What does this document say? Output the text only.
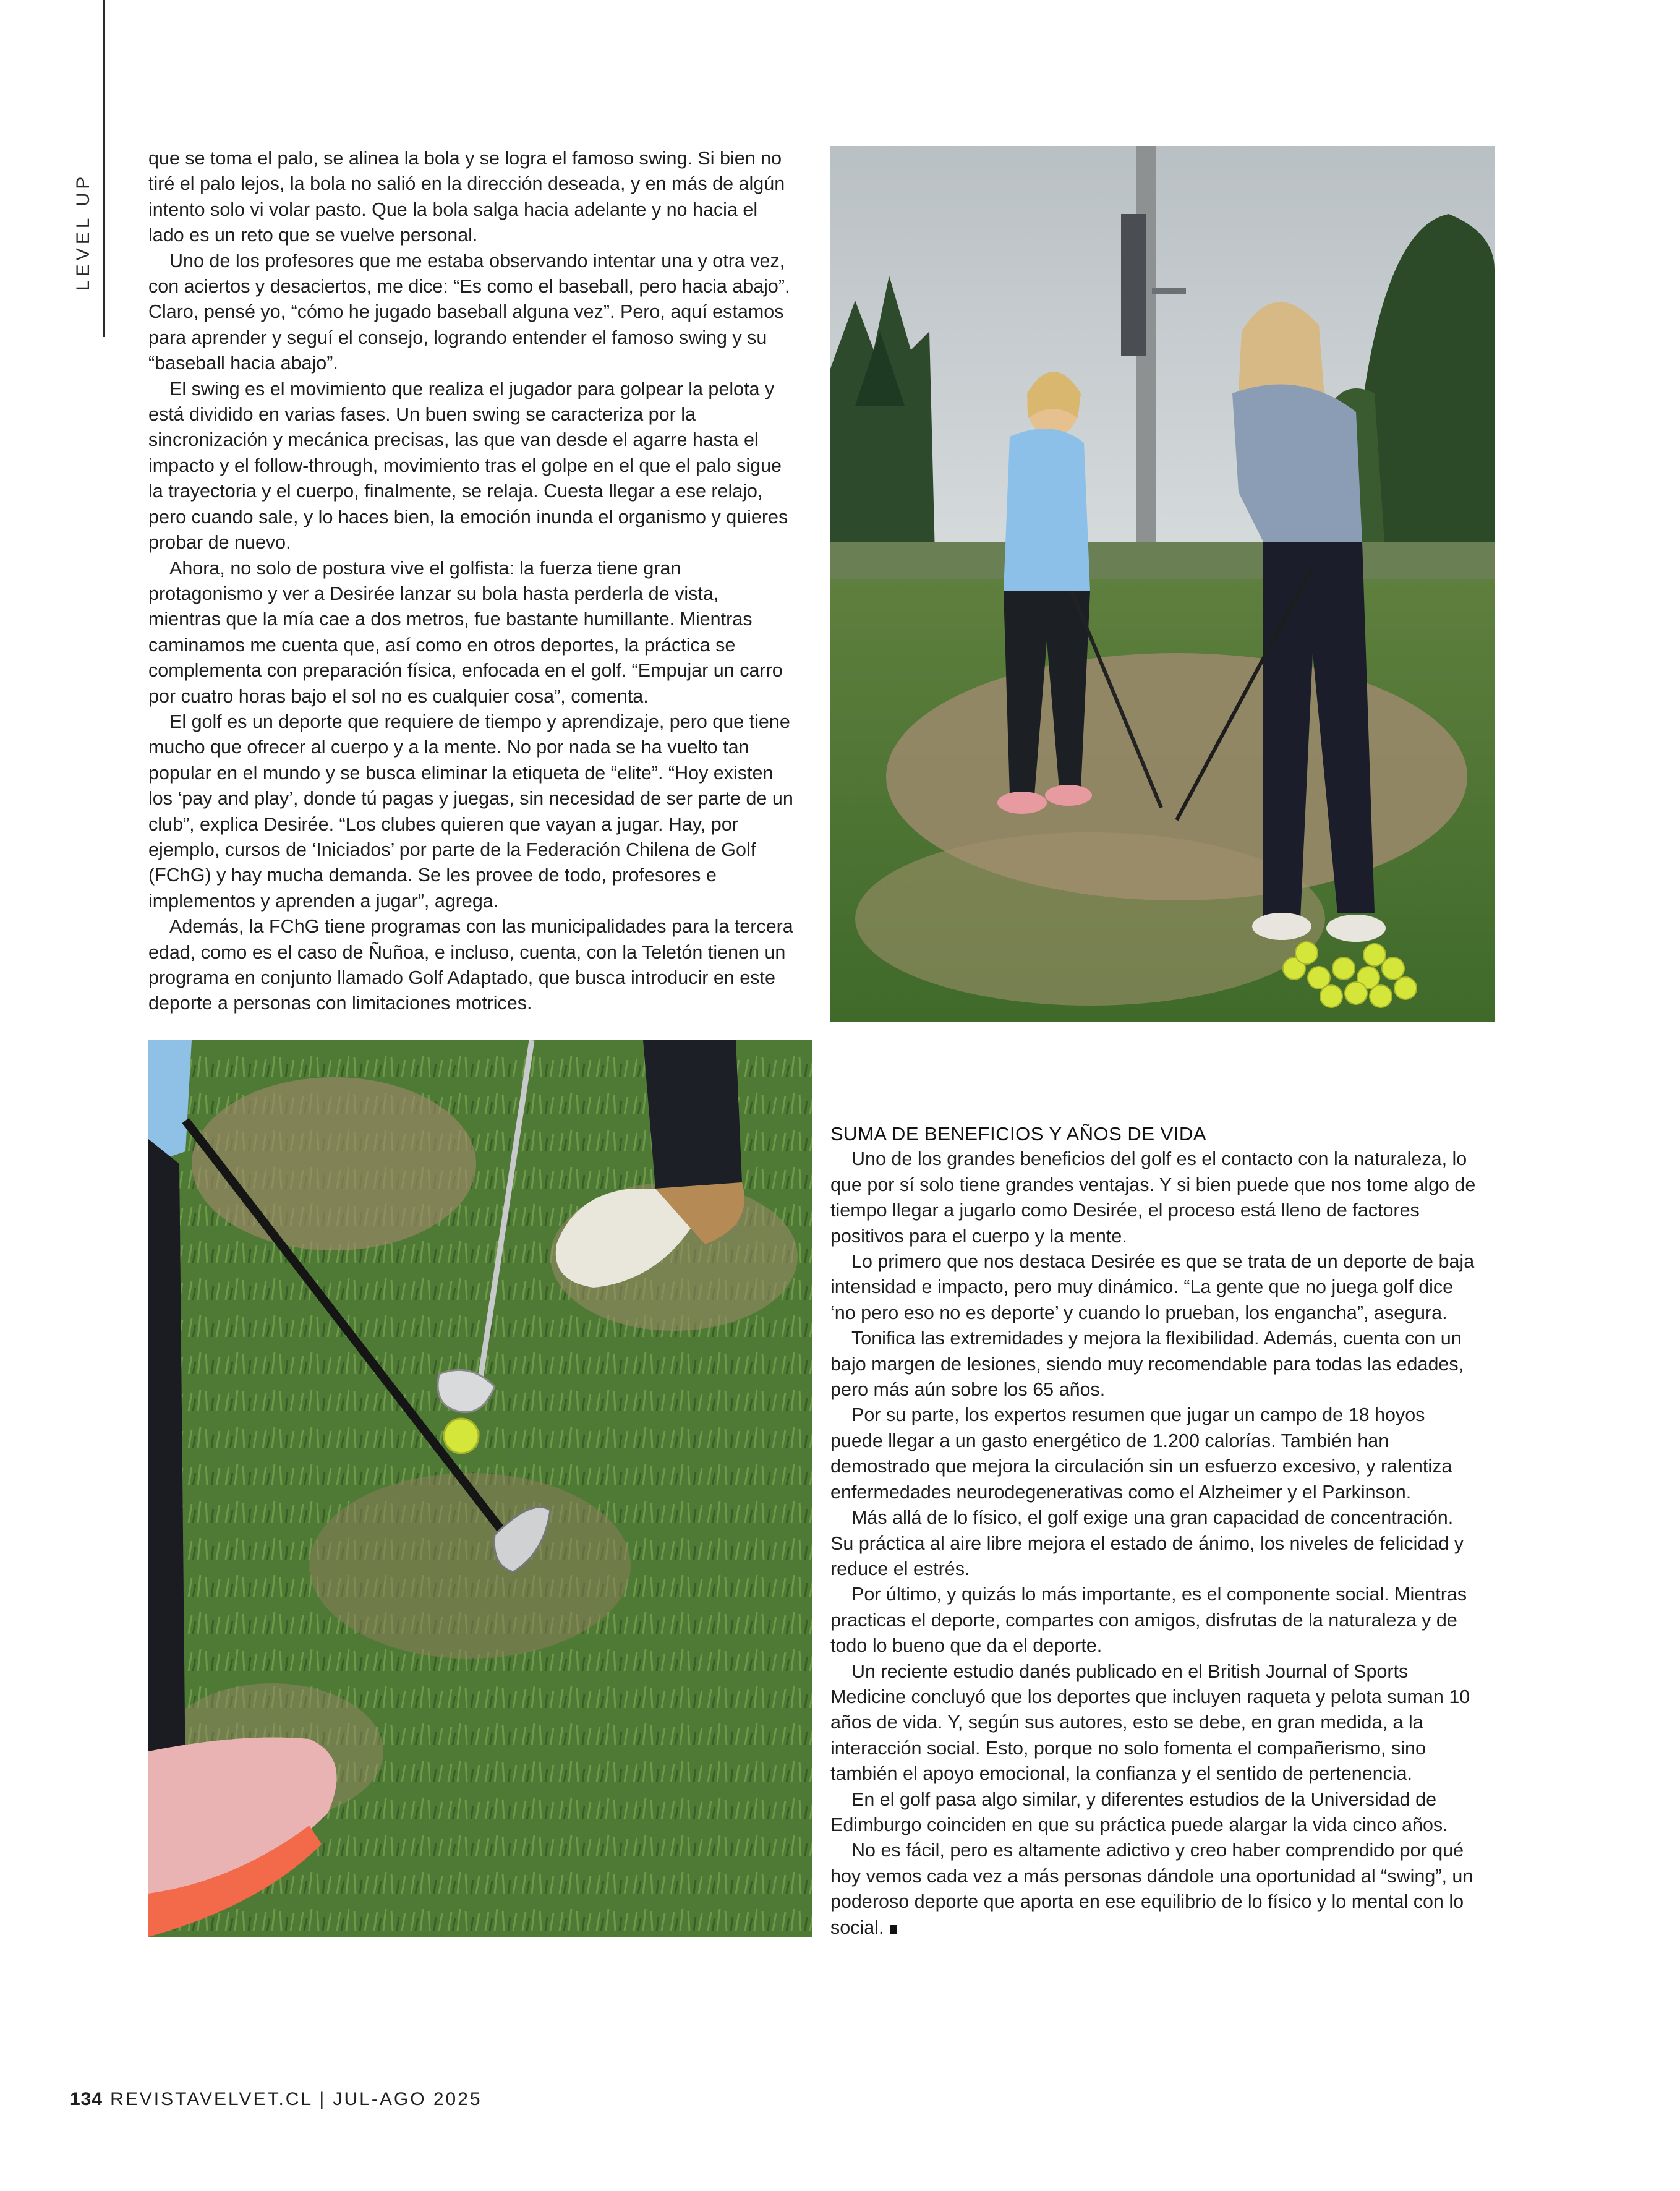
LEVEL UP

que se toma el palo, se alinea la bola y se logra el famoso swing. Si bien no tiré el palo lejos, la bola no salió en la dirección deseada, y en más de algún intento solo vi volar pasto. Que la bola salga hacia adelante y no hacia el lado es un reto que se vuelve personal.

Uno de los profesores que me estaba observando intentar una y otra vez, con aciertos y desaciertos, me dice: “Es como el baseball, pero hacia abajo”. Claro, pensé yo, “cómo he jugado baseball alguna vez”. Pero, aquí estamos para aprender y seguí el consejo, logrando entender el famoso swing y su “baseball hacia abajo”.

El swing es el movimiento que realiza el jugador para golpear la pelota y está dividido en varias fases. Un buen swing se caracteriza por la sincronización y mecánica precisas, las que van desde el agarre hasta el impacto y el follow-through, movimiento tras el golpe en el que el palo sigue la trayectoria y el cuerpo, finalmente, se relaja. Cuesta llegar a ese relajo, pero cuando sale, y lo haces bien, la emoción inunda el organismo y quieres probar de nuevo.

Ahora, no solo de postura vive el golfista: la fuerza tiene gran protagonismo y ver a Desirée lanzar su bola hasta perderla de vista, mientras que la mía cae a dos metros, fue bastante humillante. Mientras caminamos me cuenta que, así como en otros deportes, la práctica se complementa con preparación física, enfocada en el golf. “Empujar un carro por cuatro horas bajo el sol no es cualquier cosa”, comenta.

El golf es un deporte que requiere de tiempo y aprendizaje, pero que tiene mucho que ofrecer al cuerpo y a la mente. No por nada se ha vuelto tan popular en el mundo y se busca eliminar la etiqueta de “elite”. “Hoy existen los ‘pay and play’, donde tú pagas y juegas, sin necesidad de ser parte de un club”, explica Desirée. “Los clubes quieren que vayan a jugar. Hay, por ejemplo, cursos de ‘Iniciados’ por parte de la Federación Chilena de Golf (FChG) y hay mucha demanda. Se les provee de todo, profesores e implementos y aprenden a jugar”, agrega.

Además, la FChG tiene programas con las municipalidades para la tercera edad, como es el caso de Ñuñoa, e incluso, cuenta, con la Teletón tienen un programa en conjunto llamado Golf Adaptado, que busca introducir en este deporte a personas con limitaciones motrices.

SUMA DE BENEFICIOS Y AÑOS DE VIDA

Uno de los grandes beneficios del golf es el contacto con la naturaleza, lo que por sí solo tiene grandes ventajas. Y si bien puede que nos tome algo de tiempo llegar a jugarlo como Desirée, el proceso está lleno de factores positivos para el cuerpo y la mente.

Lo primero que nos destaca Desirée es que se trata de un deporte de baja intensidad e impacto, pero muy dinámico. “La gente que no juega golf dice ‘no pero eso no es deporte’ y cuando lo prueban, los engancha”, asegura.

Tonifica las extremidades y mejora la flexibilidad. Además, cuenta con un bajo margen de lesiones, siendo muy recomendable para todas las edades, pero más aún sobre los 65 años.

Por su parte, los expertos resumen que jugar un campo de 18 hoyos puede llegar a un gasto energético de 1.200 calorías. También han demostrado que mejora la circulación sin un esfuerzo excesivo, y ralentiza enfermedades neurodegenerativas como el Alzheimer y el Parkinson.

Más allá de lo físico, el golf exige una gran capacidad de concentración. Su práctica al aire libre mejora el estado de ánimo, los niveles de felicidad y reduce el estrés.

Por último, y quizás lo más importante, es el componente social. Mientras practicas el deporte, compartes con amigos, disfrutas de la naturaleza y de todo lo bueno que da el deporte.

Un reciente estudio danés publicado en el British Journal of Sports Medicine concluyó que los deportes que incluyen raqueta y pelota suman 10 años de vida. Y, según sus autores, esto se debe, en gran medida, a la interacción social. Esto, porque no solo fomenta el compañerismo, sino también el apoyo emocional, la confianza y el sentido de pertenencia.

En el golf pasa algo similar, y diferentes estudios de la Universidad de Edimburgo coinciden en que su práctica puede alargar la vida cinco años.

No es fácil, pero es altamente adictivo y creo haber comprendido por qué hoy vemos cada vez a más personas dándole una oportunidad al “swing”, un poderoso deporte que aporta en ese equilibrio de lo físico y lo mental con lo social.

134 REVISTAVELVET.CL | JUL-AGO 2025
